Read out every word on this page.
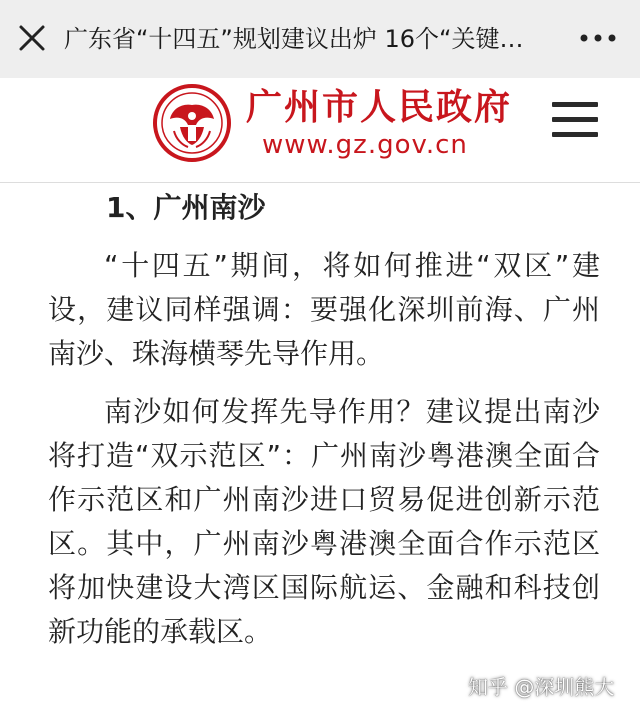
广东省“十四五”规划建议出炉 16个“关键…
广州市人民政府
www.gz.gov.cn
1、广州南沙

“十四五”期间，将如何推进“双区”建设，建议同样强调：要强化深圳前海、广州南沙、珠海横琴先导作用。

南沙如何发挥先导作用？建议提出南沙将打造“双示范区”：广州南沙粤港澳全面合作示范区和广州南沙进口贸易促进创新示范区。其中，广州南沙粤港澳全面合作示范区将加快建设大湾区国际航运、金融和科技创新功能的承载区。

知乎 @深圳熊大
